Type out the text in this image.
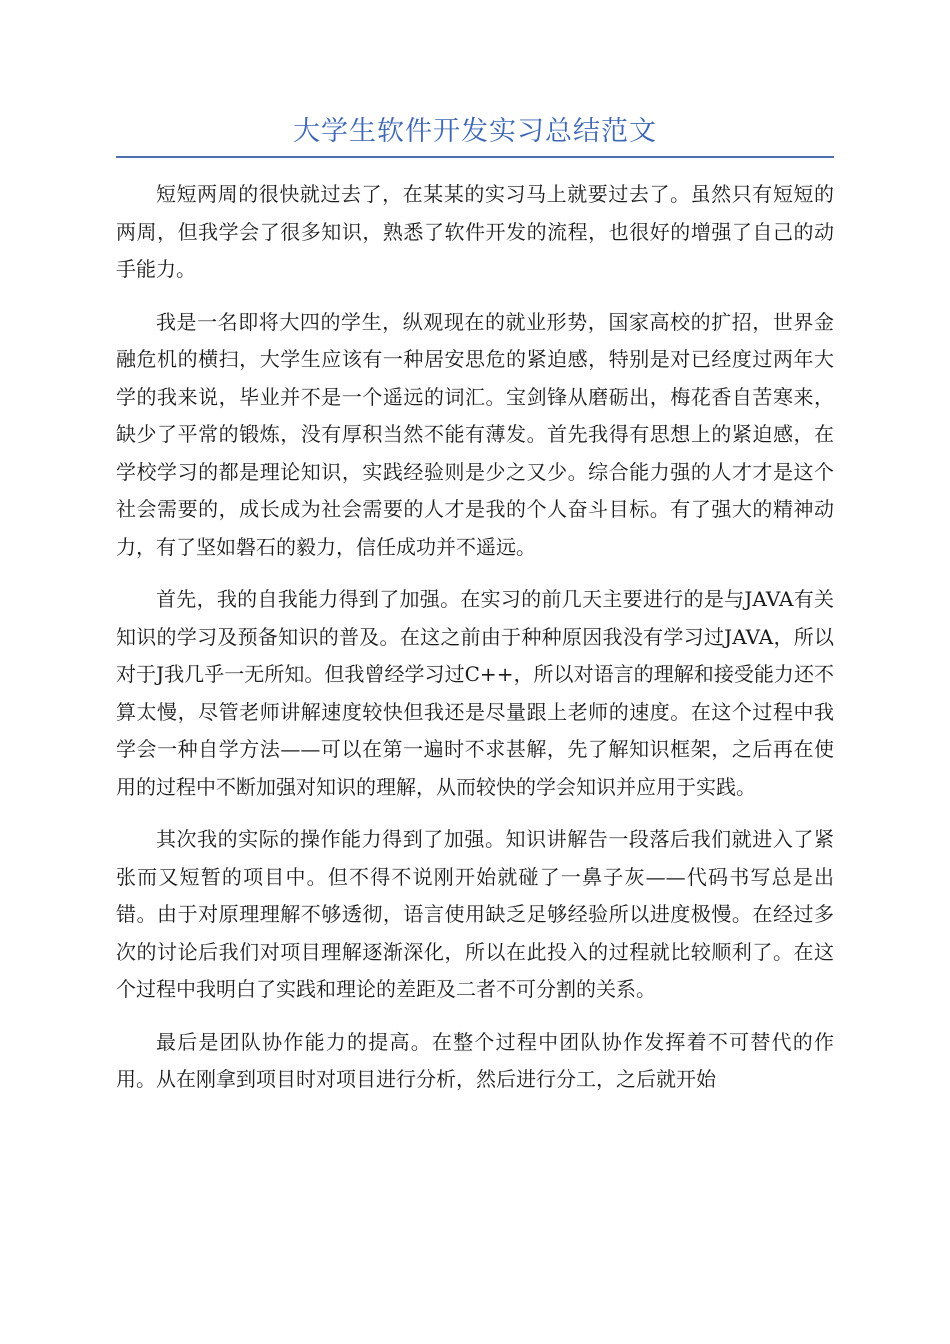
大学生软件开发实习总结范文

短短两周的很快就过去了，在某某的实习马上就要过去了。虽然只有短短的两周，但我学会了很多知识，熟悉了软件开发的流程，也很好的增强了自己的动手能力。

我是一名即将大四的学生，纵观现在的就业形势，国家高校的扩招，世界金融危机的横扫，大学生应该有一种居安思危的紧迫感，特别是对已经度过两年大学的我来说，毕业并不是一个遥远的词汇。宝剑锋从磨砺出，梅花香自苦寒来，缺少了平常的锻炼，没有厚积当然不能有薄发。首先我得有思想上的紧迫感，在学校学习的都是理论知识，实践经验则是少之又少。综合能力强的人才才是这个社会需要的，成长成为社会需要的人才是我的个人奋斗目标。有了强大的精神动力，有了坚如磐石的毅力，信任成功并不遥远。

首先，我的自我能力得到了加强。在实习的前几天主要进行的是与JAVA有关知识的学习及预备知识的普及。在这之前由于种种原因我没有学习过JAVA，所以对于J我几乎一无所知。但我曾经学习过C++，所以对语言的理解和接受能力还不算太慢，尽管老师讲解速度较快但我还是尽量跟上老师的速度。在这个过程中我学会一种自学方法——可以在第一遍时不求甚解，先了解知识框架，之后再在使用的过程中不断加强对知识的理解，从而较快的学会知识并应用于实践。

其次我的实际的操作能力得到了加强。知识讲解告一段落后我们就进入了紧张而又短暂的项目中。但不得不说刚开始就碰了一鼻子灰——代码书写总是出错。由于对原理理解不够透彻，语言使用缺乏足够经验所以进度极慢。在经过多次的讨论后我们对项目理解逐渐深化，所以在此投入的过程就比较顺利了。在这个过程中我明白了实践和理论的差距及二者不可分割的关系。

最后是团队协作能力的提高。在整个过程中团队协作发挥着不可替代的作用。从在刚拿到项目时对项目进行分析，然后进行分工，之后就开始
